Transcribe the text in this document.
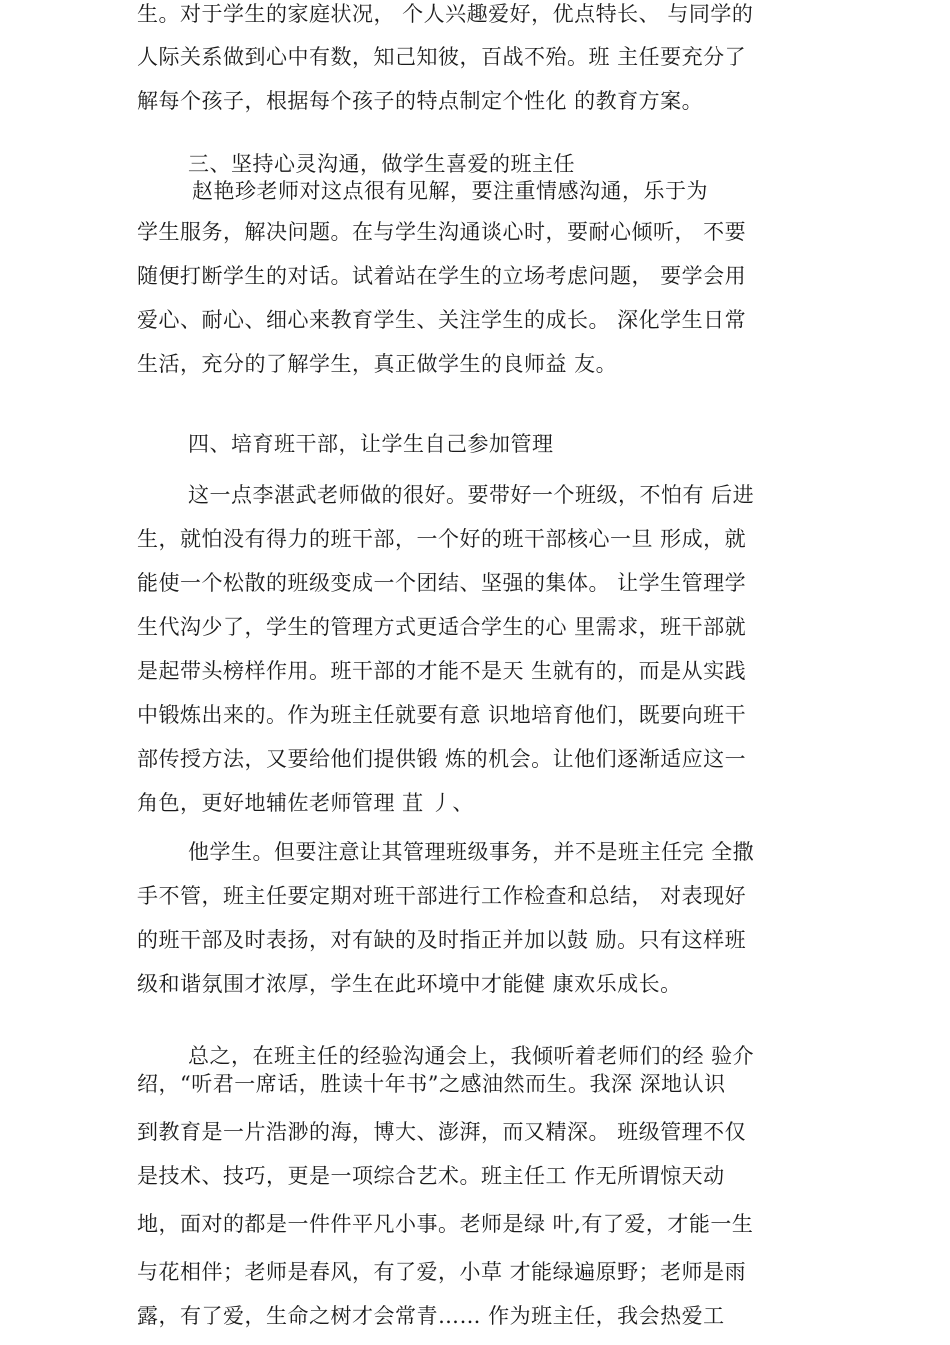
生。对于学生的家庭状况， 个人兴趣爱好，优点特长、 与同学的
人际关系做到心中有数，知己知彼，百战不殆。班 主任要充分了
解每个孩子，根据每个孩子的特点制定个性化 的教育方案。
三、坚持心灵沟通，做学生喜爱的班主任
赵艳珍老师对这点很有见解，要注重情感沟通，乐于为
学生服务，解决问题。在与学生沟通谈心时，要耐心倾听， 不要
随便打断学生的对话。试着站在学生的立场考虑问题， 要学会用
爱心、耐心、细心来教育学生、关注学生的成长。 深化学生日常
生活，充分的了解学生，真正做学生的良师益 友。
四、培育班干部，让学生自己参加管理
这一点李湛武老师做的很好。要带好一个班级，不怕有 后进
生，就怕没有得力的班干部，一个好的班干部核心一旦 形成，就
能使一个松散的班级变成一个团结、坚强的集体。 让学生管理学
生代沟少了，学生的管理方式更适合学生的心 里需求，班干部就
是起带头榜样作用。班干部的才能不是天 生就有的，而是从实践
中锻炼出来的。作为班主任就要有意 识地培育他们，既要向班干
部传授方法，又要给他们提供锻 炼的机会。让他们逐渐适应这一
角色，更好地辅佐老师管理 苴 丿、
他学生。但要注意让其管理班级事务，并不是班主任完 全撒
手不管，班主任要定期对班干部进行工作检查和总结， 对表现好
的班干部及时表扬，对有缺的及时指正并加以鼓 励。只有这样班
级和谐氛围才浓厚，学生在此环境中才能健 康欢乐成长。
总之，在班主任的经验沟通会上，我倾听着老师们的经 验介
绍，“听君一席话，胜读十年书”之感油然而生。我深 深地认识
到教育是一片浩渺的海，博大、澎湃，而又精深。 班级管理不仅
是技术、技巧，更是一项综合艺术。班主任工 作无所谓惊天动
地，面对的都是一件件平凡小事。老师是绿 叶,有了爱，才能一生
与花相伴；老师是春风，有了爱，小草 才能绿遍原野；老师是雨
露，有了爱，生命之树才会常青…… 作为班主任，我会热爱工
